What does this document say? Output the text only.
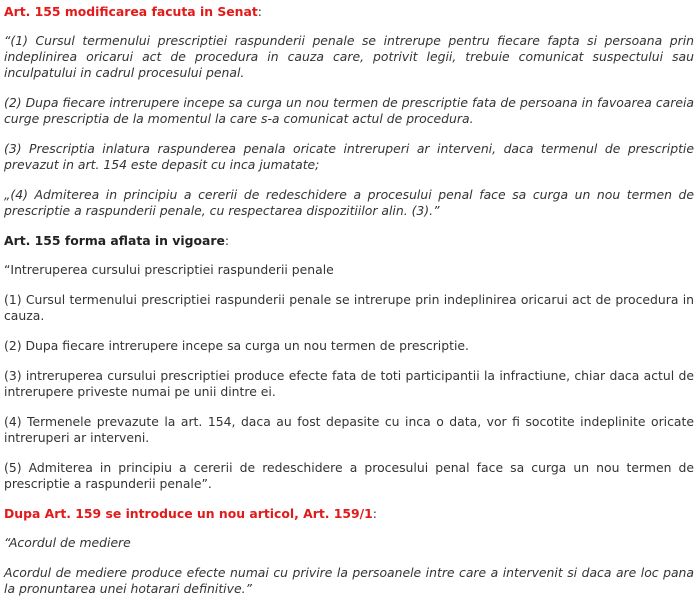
Art. 155 modificarea facuta in Senat:

“(1) Cursul termenului prescriptiei raspunderii penale se intrerupe pentru fiecare fapta si persoana prin indeplinirea oricarui act de procedura in cauza care, potrivit legii, trebuie comunicat suspectului sau inculpatului in cadrul procesului penal.

(2) Dupa fiecare intrerupere incepe sa curga un nou termen de prescriptie fata de persoana in favoarea careia curge prescriptia de la momentul la care s-a comunicat actul de procedura.

(3) Prescriptia inlatura raspunderea penala oricate intreruperi ar interveni, daca termenul de prescriptie prevazut in art. 154 este depasit cu inca jumatate;

„(4) Admiterea in principiu a cererii de redeschidere a procesului penal face sa curga un nou termen de prescriptie a raspunderii penale, cu respectarea dispozitiilor alin. (3).”

Art. 155 forma aflata in vigoare:

“Intreruperea cursului prescriptiei raspunderii penale

(1) Cursul termenului prescriptiei raspunderii penale se intrerupe prin indeplinirea oricarui act de procedura in cauza.

(2) Dupa fiecare intrerupere incepe sa curga un nou termen de prescriptie.

(3) intreruperea cursului prescriptiei produce efecte fata de toti participantii la infractiune, chiar daca actul de intrerupere priveste numai pe unii dintre ei.

(4) Termenele prevazute la art. 154, daca au fost depasite cu inca o data, vor fi socotite indeplinite oricate intreruperi ar interveni.

(5) Admiterea in principiu a cererii de redeschidere a procesului penal face sa curga un nou termen de prescriptie a raspunderii penale”.

Dupa Art. 159 se introduce un nou articol, Art. 159/1:

“Acordul de mediere

Acordul de mediere produce efecte numai cu privire la persoanele intre care a intervenit si daca are loc pana la pronuntarea unei hotarari definitive.”
